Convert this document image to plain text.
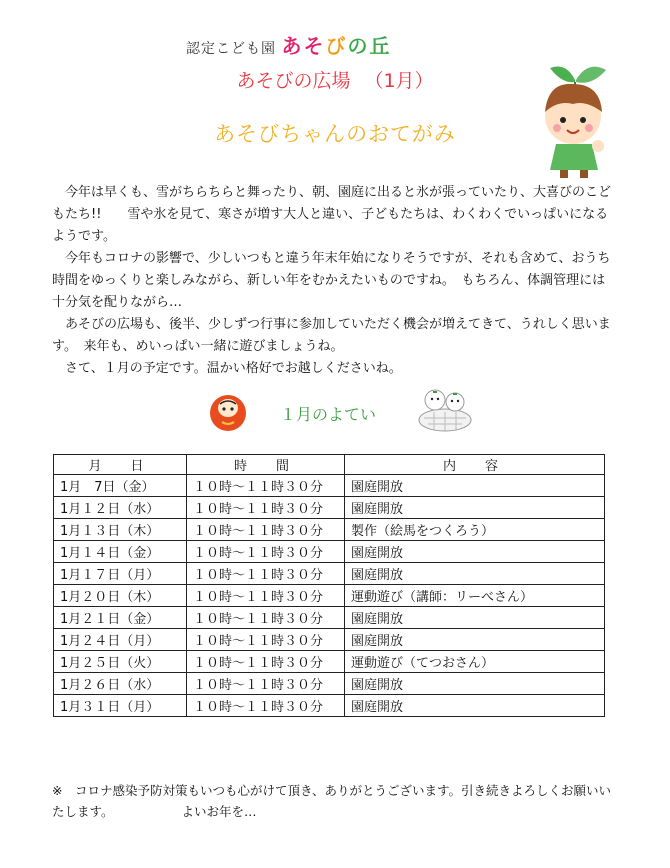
認定こども園 あそびの丘
あそびの広場 （1月）
あそびちゃんのおてがみ

今年は早くも、雪がちらちらと舞ったり、朝、園庭に出ると氷が張っていたり、大喜びのこどもたち!!　　雪や氷を見て、寒さが増す大人と違い、子どもたちは、わくわくでいっぱいになるようです。

今年もコロナの影響で、少しいつもと違う年末年始になりそうですが、それも含めて、おうち時間をゆっくりと楽しみながら、新しい年をむかえたいものですね。　もちろん、体調管理には十分気を配りながら…

あそびの広場も、後半、少しずつ行事に参加していただく機会が増えてきて、うれしく思います。　来年も、めいっぱい一緒に遊びましょうね。

さて、１月の予定です。温かい格好でお越しくださいね。

１月のよてい
月　日	時　間	内　容
1月　7日（金）	１０時～１１時３０分	園庭開放
1月１２日（水）	１０時～１１時３０分	園庭開放
1月１３日（木）	１０時～１１時３０分	製作（絵馬をつくろう）
1月１４日（金）	１０時～１１時３０分	園庭開放
1月１７日（月）	１０時～１１時３０分	園庭開放
1月２０日（木）	１０時～１１時３０分	運動遊び（講師：リーべさん）
1月２１日（金）	１０時～１１時３０分	園庭開放
1月２４日（月）	１０時～１１時３０分	園庭開放
1月２５日（火）	１０時～１１時３０分	運動遊び（てつおさん）
1月２６日（水）	１０時～１１時３０分	園庭開放
1月３１日（月）	１０時～１１時３０分	園庭開放
※　コロナ感染予防対策もいつも心がけて頂き、ありがとうございます。引き続きよろしくお願いいたします。	よいお年を…
